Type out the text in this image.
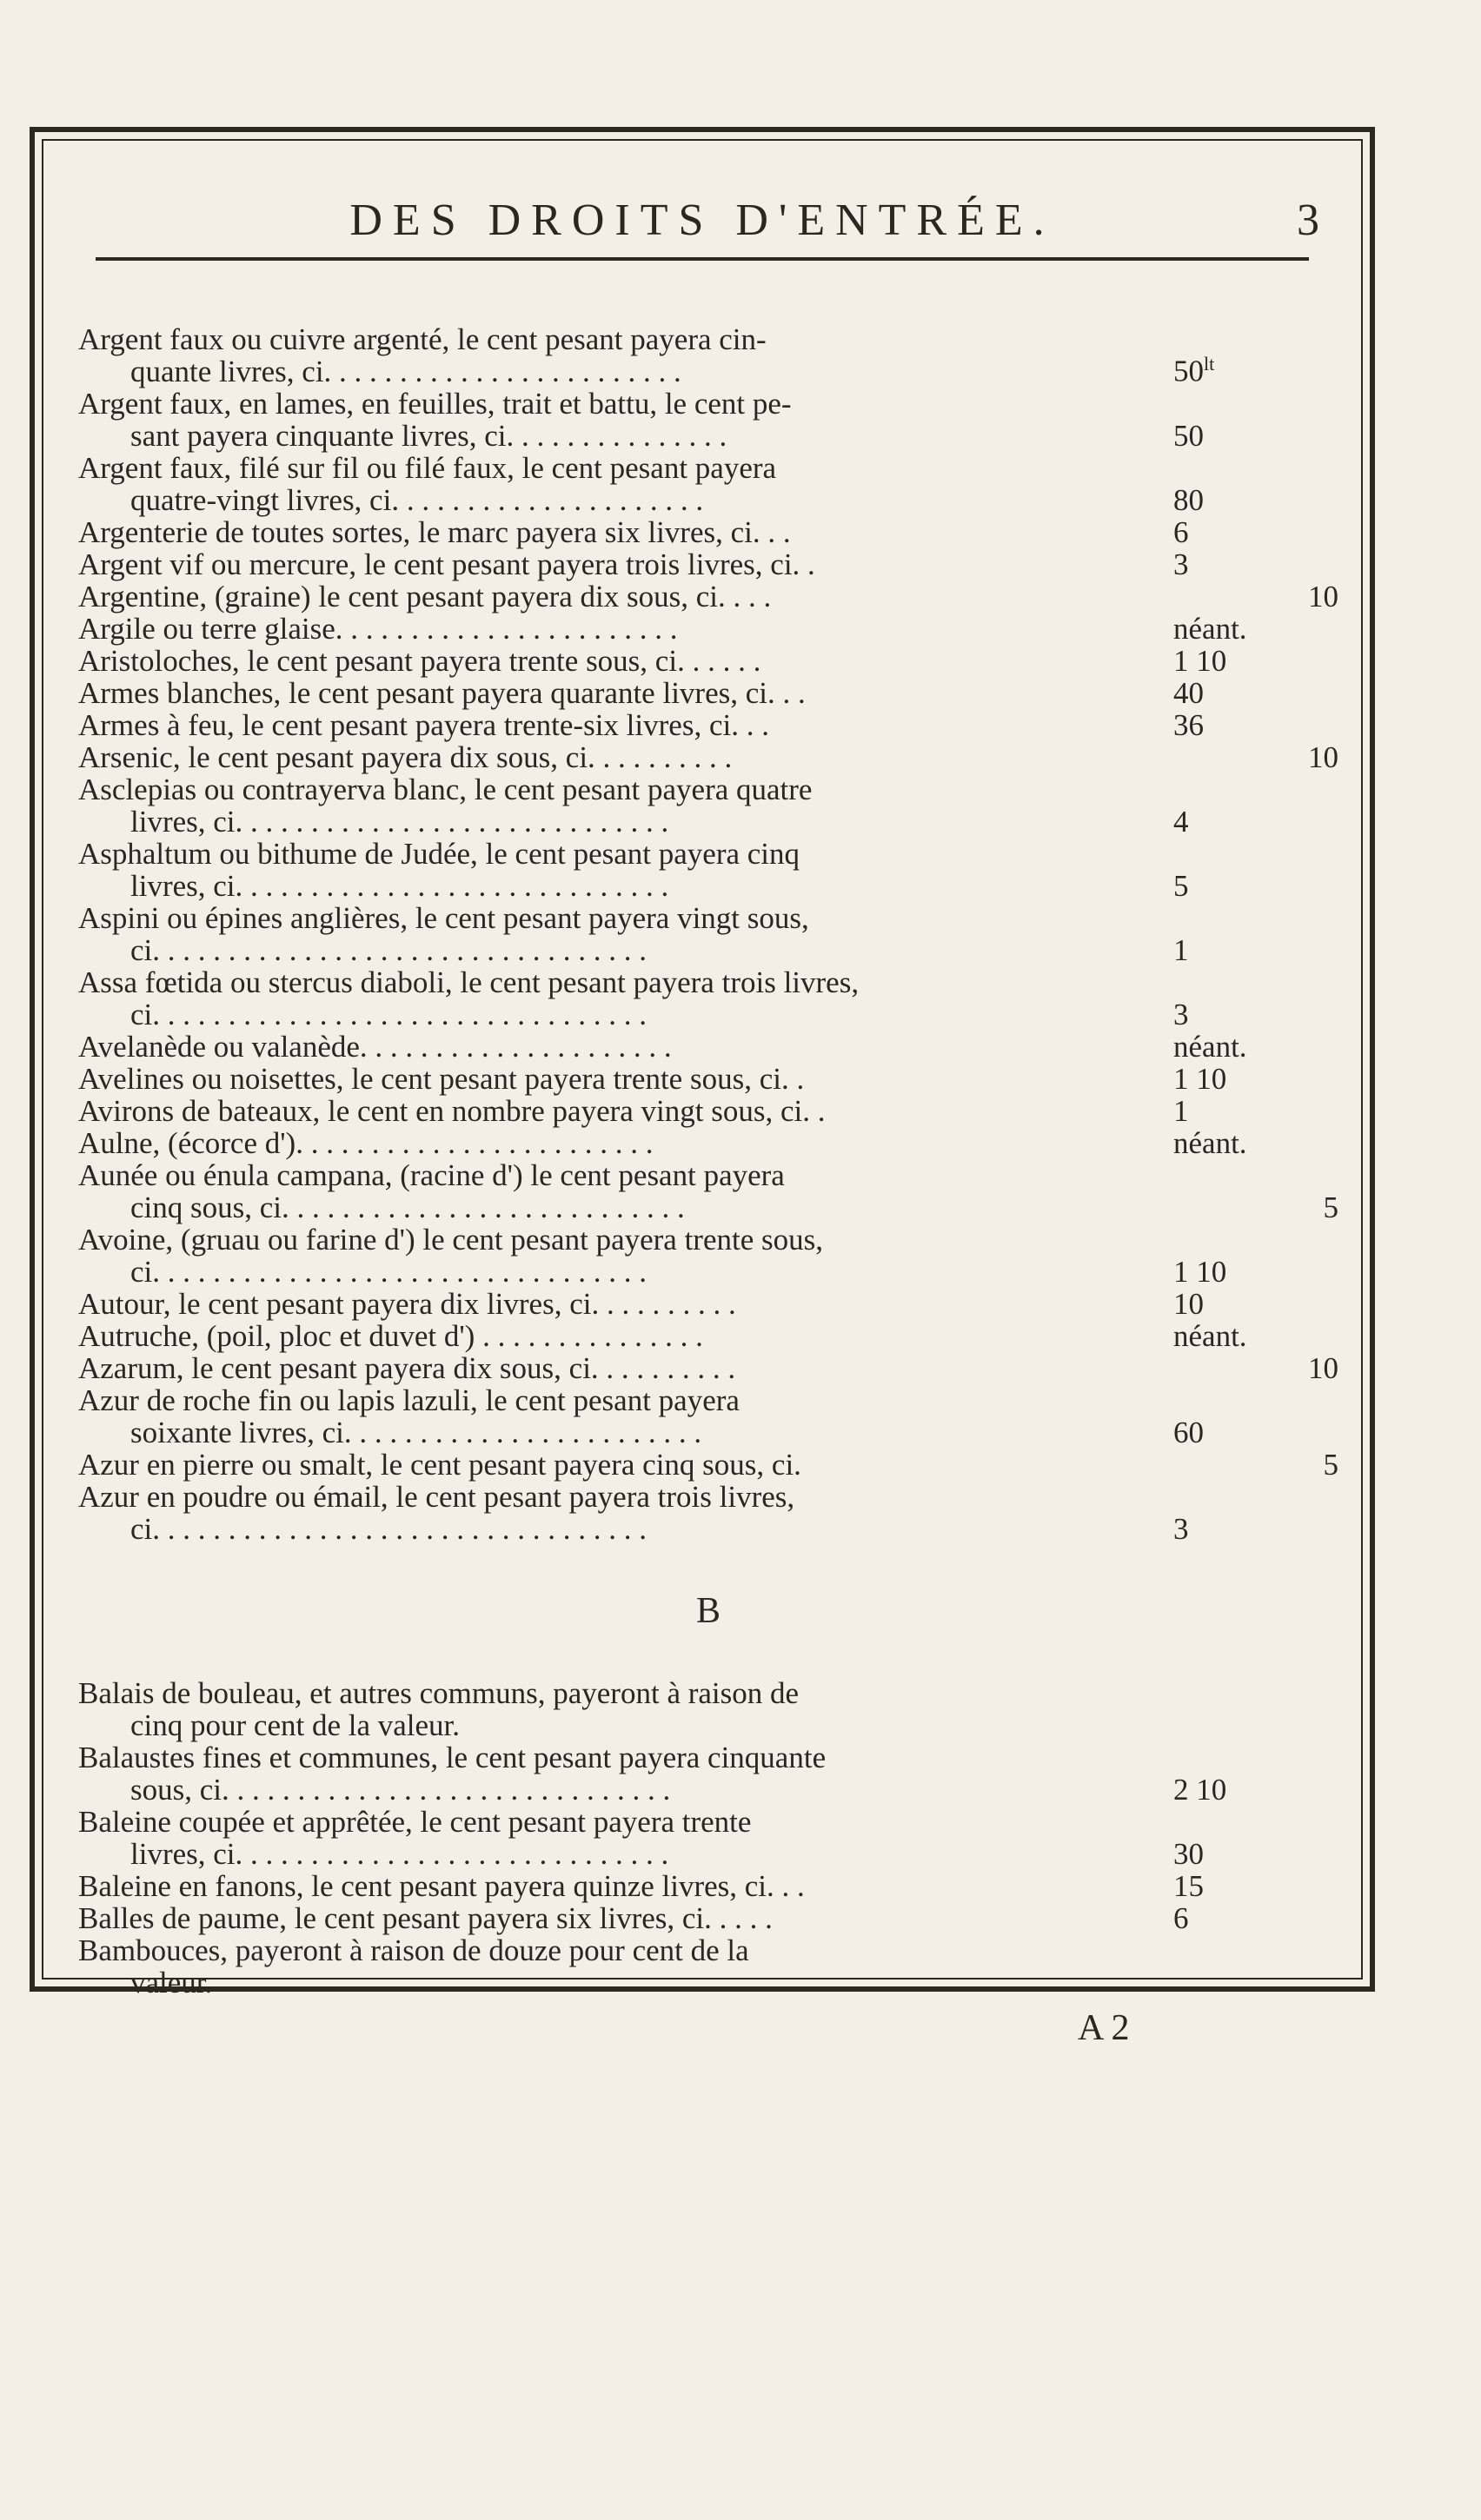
DES DROITS D'ENTRÉE.	3
Argent faux ou cuivre argenté, le cent pesant payera cin-
quante livres, ci. . . . . . . . . . . . . . . . . . . . . . . .	$50^{lt}$
Argent faux, en lames, en feuilles, trait et battu, le cent pe-
sant payera cinquante livres, ci. . . . . . . . . . . . . . .	50
Argent faux, filé sur fil ou filé faux, le cent pesant payera
quatre-vingt livres, ci. . . . . . . . . . . . . . . . . . . . .	80
Argenterie de toutes sortes, le marc payera six livres, ci. . .	6
Argent vif ou mercure, le cent pesant payera trois livres, ci. .	3
Argentine, (graine) le cent pesant payera dix sous, ci. . . .	10
Argile ou terre glaise. . . . . . . . . . . . . . . . . . . . . . .	néant.
Aristoloches, le cent pesant payera trente sous, ci. . . . . .	1 10
Armes blanches, le cent pesant payera quarante livres, ci. . .	40
Armes à feu, le cent pesant payera trente-six livres, ci. . .	36
Arsenic, le cent pesant payera dix sous, ci. . . . . . . . . .	10
Asclepias ou contrayerva blanc, le cent pesant payera quatre
livres, ci. . . . . . . . . . . . . . . . . . . . . . . . . . . . .	4
Asphaltum ou bithume de Judée, le cent pesant payera cinq
livres, ci. . . . . . . . . . . . . . . . . . . . . . . . . . . . .	5
Aspini ou épines anglières, le cent pesant payera vingt sous,
ci. . . . . . . . . . . . . . . . . . . . . . . . . . . . . . . . .	1
Assa fœtida ou stercus diaboli, le cent pesant payera trois livres,
ci. . . . . . . . . . . . . . . . . . . . . . . . . . . . . . . . .	3
Avelanède ou valanède. . . . . . . . . . . . . . . . . . . . .	néant.
Avelines ou noisettes, le cent pesant payera trente sous, ci. .	1 10
Avirons de bateaux, le cent en nombre payera vingt sous, ci. .	1
Aulne, (écorce d'). . . . . . . . . . . . . . . . . . . . . . . .	néant.
Aunée ou énula campana, (racine d') le cent pesant payera
cinq sous, ci. . . . . . . . . . . . . . . . . . . . . . . . . . .	5
Avoine, (gruau ou farine d') le cent pesant payera trente sous,
ci. . . . . . . . . . . . . . . . . . . . . . . . . . . . . . . . .	1 10
Autour, le cent pesant payera dix livres, ci. . . . . . . . . .	10
Autruche, (poil, ploc et duvet d') . . . . . . . . . . . . . . .	néant.
Azarum, le cent pesant payera dix sous, ci. . . . . . . . . .	10
Azur de roche fin ou lapis lazuli, le cent pesant payera
soixante livres, ci. . . . . . . . . . . . . . . . . . . . . . . .	60
Azur en pierre ou smalt, le cent pesant payera cinq sous, ci.	5
Azur en poudre ou émail, le cent pesant payera trois livres,
ci. . . . . . . . . . . . . . . . . . . . . . . . . . . . . . . . .	3
B
Balais de bouleau, et autres communs, payeront à raison de
cinq pour cent de la valeur.
Balaustes fines et communes, le cent pesant payera cinquante
sous, ci. . . . . . . . . . . . . . . . . . . . . . . . . . . . . .	2 10
Baleine coupée et apprêtée, le cent pesant payera trente
livres, ci. . . . . . . . . . . . . . . . . . . . . . . . . . . . .	30
Baleine en fanons, le cent pesant payera quinze livres, ci. . .	15
Balles de paume, le cent pesant payera six livres, ci. . . . .	6
Bambouces, payeront à raison de douze pour cent de la
valeur.
A 2
